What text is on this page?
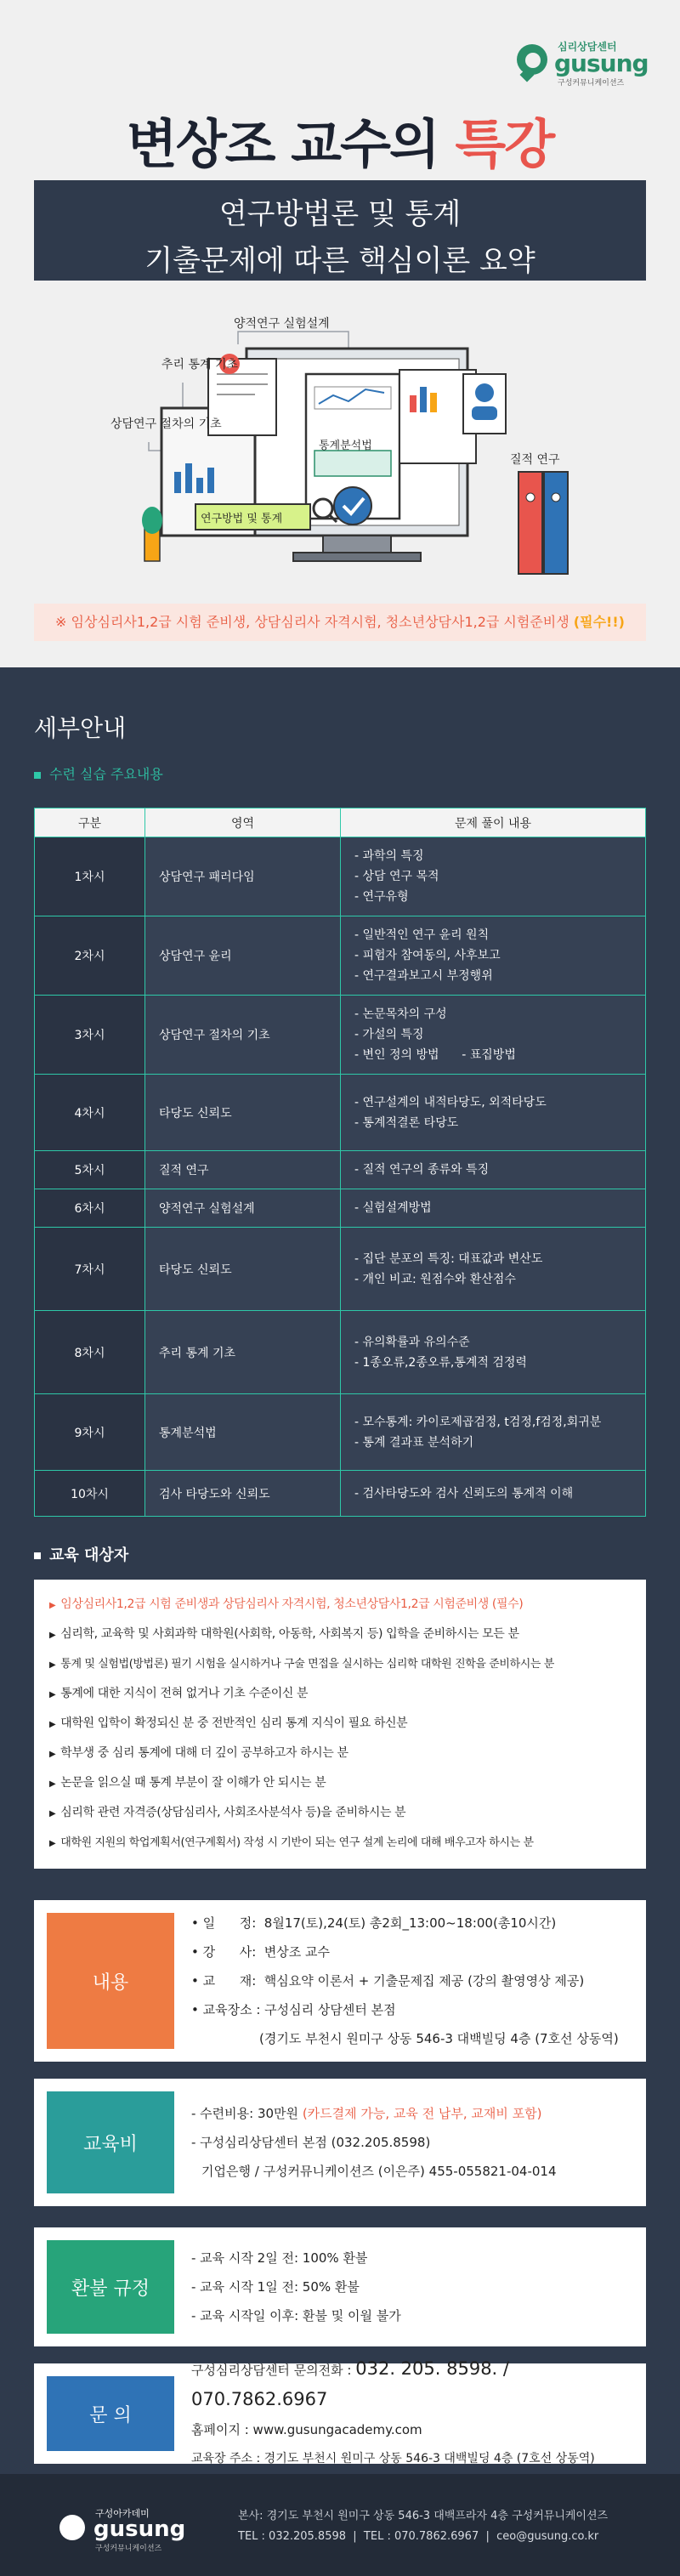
심리상담센터
gusung
구성커뮤니케이션즈
변상조 교수의 특강
연구방법론 및 통계
기출문제에 따른 핵심이론 요약
양적연구 실험설계
추리 통계 기초
상담연구 절차의 기초
질적 연구
통계분석법
연구방법 및 통계
※ 임상심리사1,2급 시험 준비생, 상담심리사 자격시험, 청소년상담사1,2급 시험준비생 (필수!!)
세부안내
수련 실습 주요내용
구분	영역	문제 풀이 내용
1차시	상담연구 패러다임	- 과학의 특징
- 상담 연구 목적
- 연구유형

2차시	상담연구 윤리	- 일반적인 연구 윤리 원칙
- 피험자 참여동의, 사후보고
- 연구결과보고시 부정행위

3차시	상담연구 절차의 기초	- 논문목차의 구성
- 가설의 특징
- 변인 정의 방법      - 표집방법

4차시	타당도 신뢰도	- 연구설계의 내적타당도, 외적타당도
- 통계적결론 타당도

5차시	질적 연구	- 질적 연구의 종류와 특징

6차시	양적연구 실험설계	- 실험설계방법

7차시	타당도 신뢰도	- 집단 분포의 특징: 대표값과 변산도
- 개인 비교: 원점수와 환산점수

8차시	추리 통계 기초	- 유의확률과 유의수준
- 1종오류,2종오류,통계적 검정력

9차시	통계분석법	- 모수통계: 카이로제곱검정, t검정,f검정,회귀분
- 통계 결과표 분석하기

10차시	검사 타당도와 신뢰도	- 검사타당도와 검사 신뢰도의 통계적 이해
교육 대상자
▶ 임상심리사1,2급 시험 준비생과 상담심리사 자격시험, 청소년상담사1,2급 시험준비생 (필수)
▶ 심리학, 교육학 및 사회과학 대학원(사회학, 아동학, 사회복지 등) 입학을 준비하시는 모든 분
▶ 통계 및 실험법(방법론) 필기 시험을 실시하거나 구술 면접을 실시하는 심리학 대학원 진학을 준비하시는 분
▶ 통계에 대한 지식이 전혀 없거나 기초 수준이신 분
▶ 대학원 입학이 확정되신 분 중 전반적인 심리 통계 지식이 필요 하신분
▶ 학부생 중 심리 통계에 대해 더 깊이 공부하고자 하시는 분
▶ 논문을 읽으실 때 통계 부분이 잘 이해가 안 되시는 분
▶ 심리학 관련 자격증(상담심리사, 사회조사분석사 등)을 준비하시는 분
▶ 대학원 지원의 학업계획서(연구계획서) 작성 시 기반이 되는 연구 설계 논리에 대해 배우고자 하시는 분
내용
• 일      정:  8월17(토),24(토) 총2회_13:00~18:00(총10시간)
• 강      사:  변상조 교수
• 교      재:  핵심요약 이론서 + 기출문제집 제공 (강의 촬영영상 제공)
• 교육장소 : 구성심리 상담센터 본점
(경기도 부천시 원미구 상동 546-3 대백빌딩 4층 (7호선 상동역)
교육비
- 수련비용: 30만원 (카드결제 가능, 교육 전 납부, 교재비 포함)
- 구성심리상담센터 본점 (032.205.8598)
기업은행 / 구성커뮤니케이션즈 (이은주) 455-055821-04-014
환불 규정
- 교육 시작 2일 전: 100% 환불
- 교육 시작 1일 전: 50% 환불
- 교육 시작일 이후: 환불 및 이월 불가
문 의
구성심리상담센터 문의전화 : 032. 205. 8598. / 070.7862.6967
홈페이지 : www.gusungacademy.com
교육장 주소 : 경기도 부천시 원미구 상동 546-3 대백빌딩 4층 (7호선 상동역)
구성아카데미
gusung
구성커뮤니케이션즈
본사: 경기도 부천시 원미구 상동 546-3 대백프라자 4층 구성커뮤니케이션즈
TEL : 032.205.8598  |  TEL : 070.7862.6967  |  ceo@gusung.co.kr
